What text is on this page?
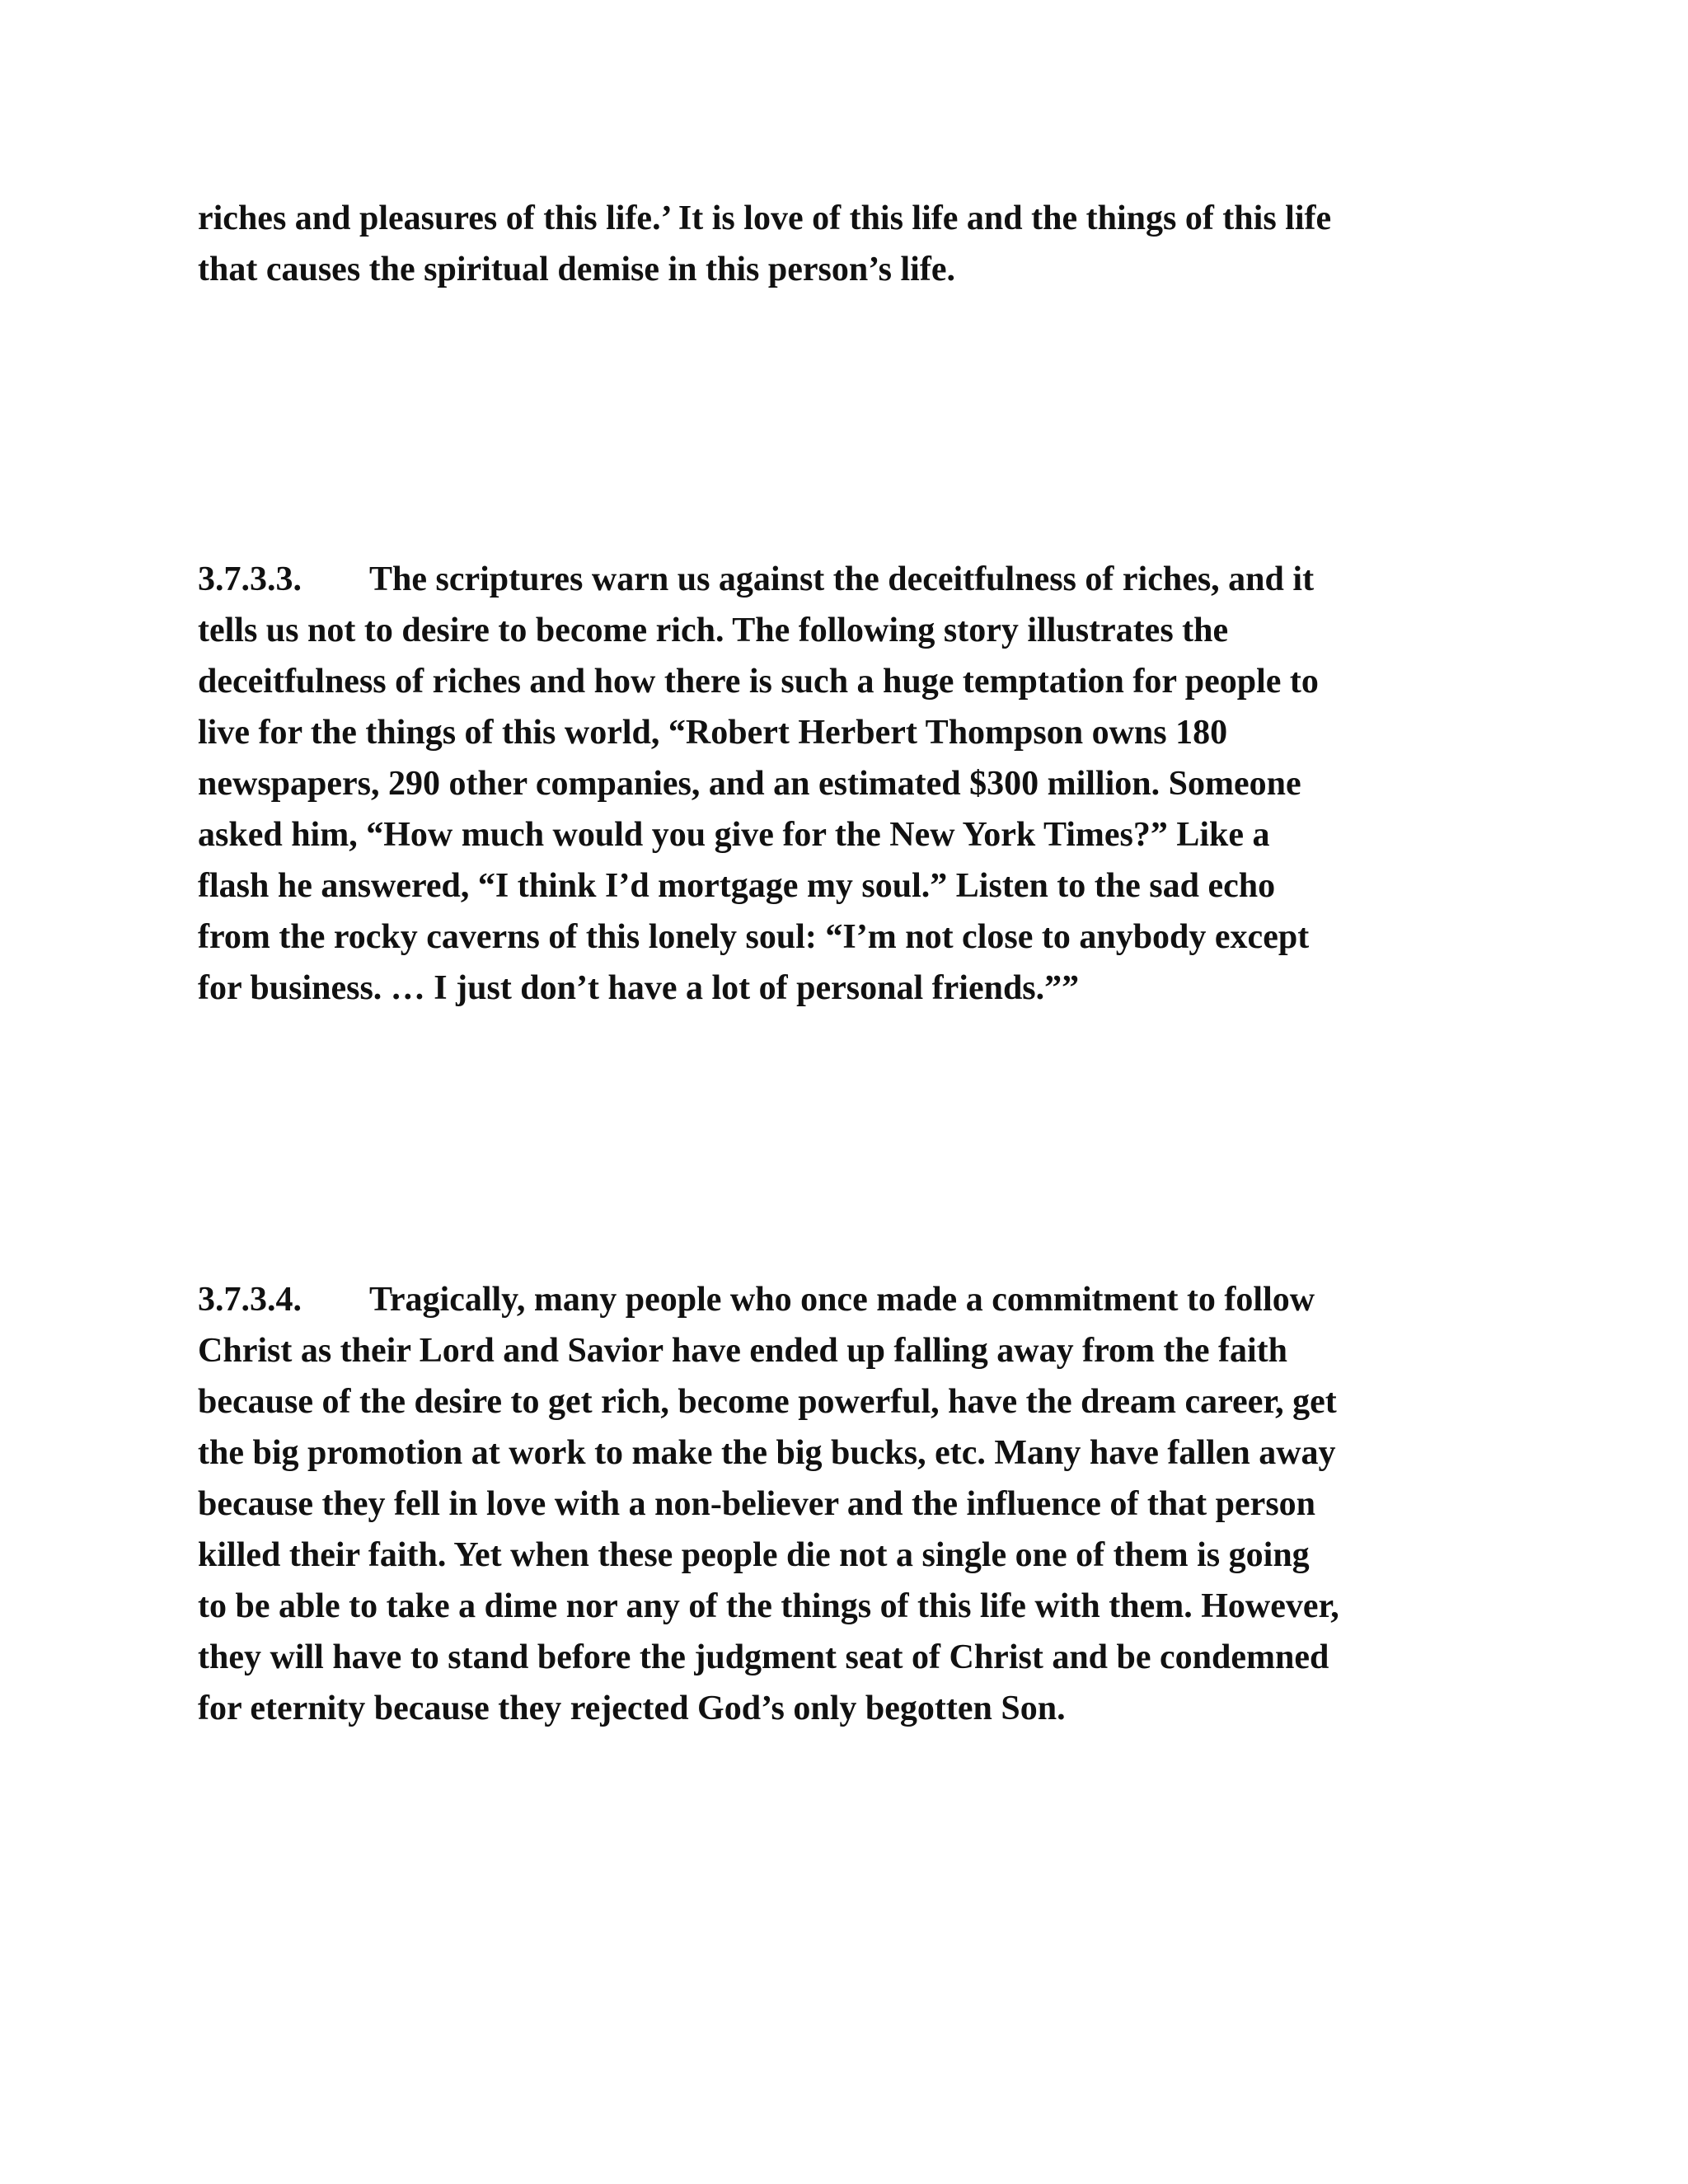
riches and pleasures of this life.’ It is love of this life and the things of this life
that causes the spiritual demise in this person’s life.
3.7.3.3. The scriptures warn us against the deceitfulness of riches, and it
tells us not to desire to become rich. The following story illustrates the
deceitfulness of riches and how there is such a huge temptation for people to
live for the things of this world, “Robert Herbert Thompson owns 180
newspapers, 290 other companies, and an estimated $300 million. Someone
asked him, “How much would you give for the New York Times?” Like a
flash he answered, “I think I’d mortgage my soul.” Listen to the sad echo
from the rocky caverns of this lonely soul: “I’m not close to anybody except
for business. … I just don’t have a lot of personal friends.””
3.7.3.4. Tragically, many people who once made a commitment to follow
Christ as their Lord and Savior have ended up falling away from the faith
because of the desire to get rich, become powerful, have the dream career, get
the big promotion at work to make the big bucks, etc. Many have fallen away
because they fell in love with a non-believer and the influence of that person
killed their faith. Yet when these people die not a single one of them is going
to be able to take a dime nor any of the things of this life with them. However,
they will have to stand before the judgment seat of Christ and be condemned
for eternity because they rejected God’s only begotten Son.
